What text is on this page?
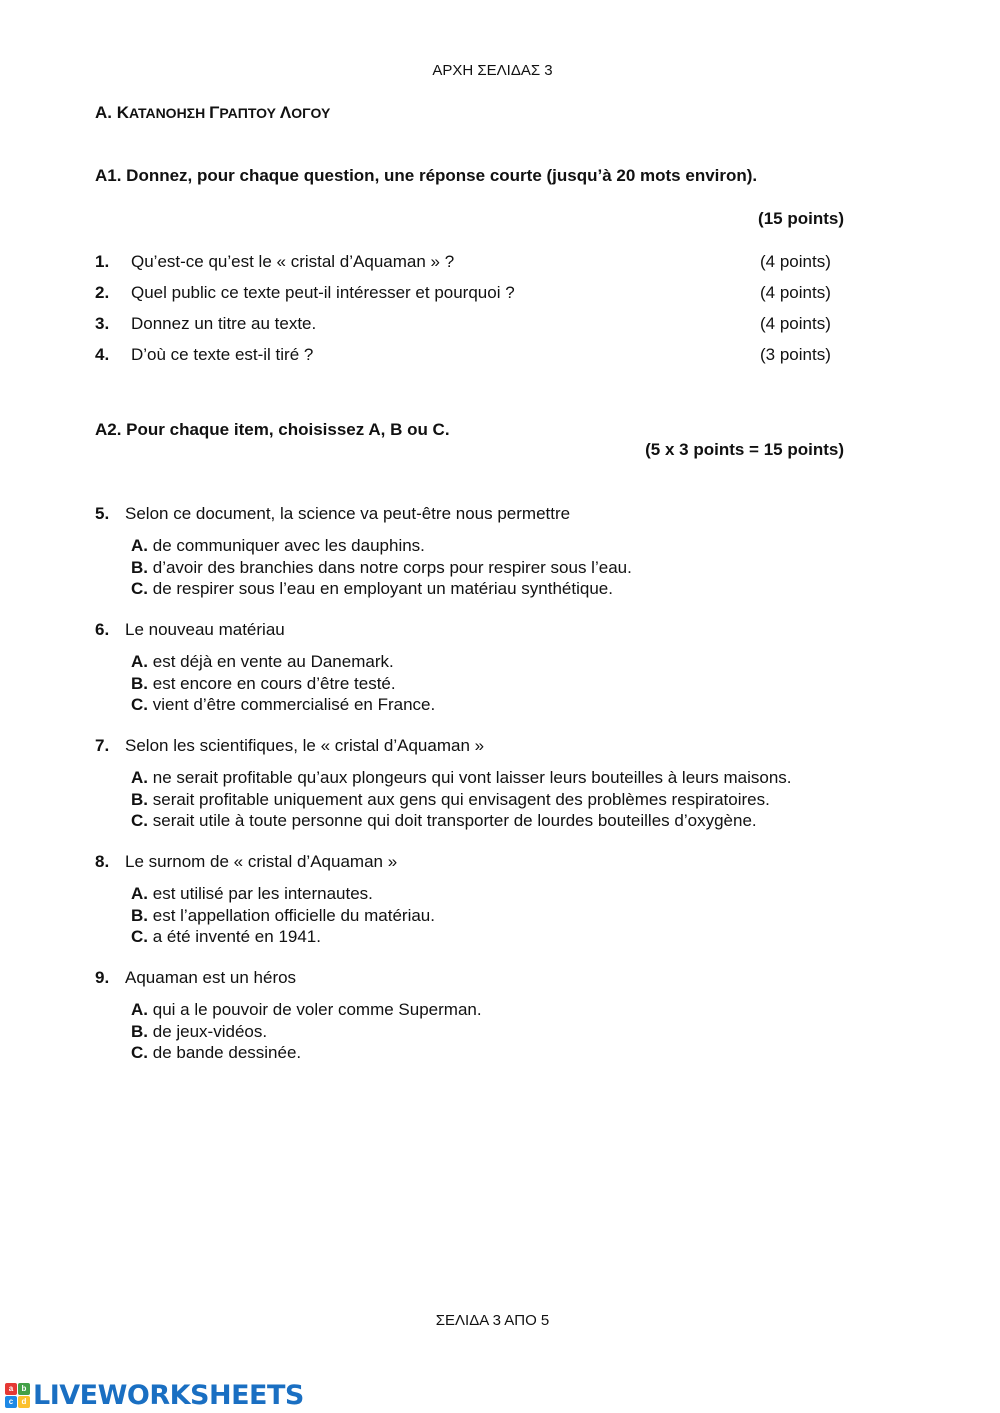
ΑΡΧΗ ΣΕΛΙΔΑΣ 3
Α. ΚΑΤΑΝΟΗΣΗ ΓΡΑΠΤΟΥ ΛΟΓΟΥ
A1. Donnez, pour chaque question, une réponse courte (jusqu’à 20 mots environ).
(15 points)
1. Qu’est-ce qu’est le « cristal d’Aquaman » ?	(4 points)
2. Quel public ce texte peut-il intéresser et pourquoi ?	(4 points)
3. Donnez un titre au texte.	(4 points)
4. D’où ce texte est-il tiré ?	(3 points)
A2. Pour chaque item, choisissez A, B ou C.
(5 x 3 points = 15 points)
5. Selon ce document, la science va peut-être nous permettre
A. de communiquer avec les dauphins.
B. d’avoir des branchies dans notre corps pour respirer sous l’eau.
C. de respirer sous l’eau en employant un matériau synthétique.
6. Le nouveau matériau
A. est déjà en vente au Danemark.
B. est encore en cours d’être testé.
C. vient d’être commercialisé en France.
7. Selon les scientifiques, le « cristal d’Aquaman »
A. ne serait profitable qu’aux plongeurs qui vont laisser leurs bouteilles à leurs maisons.
B. serait profitable uniquement aux gens qui envisagent des problèmes respiratoires.
C. serait utile à toute personne qui doit transporter de lourdes bouteilles d’oxygène.
8. Le surnom de « cristal d’Aquaman »
A. est utilisé par les internautes.
B. est l’appellation officielle du matériau.
C. a été inventé en 1941.
9. Aquaman est un héros
A. qui a le pouvoir de voler comme Superman.
B. de jeux-vidéos.
C. de bande dessinée.
ΣΕΛΙΔΑ 3 ΑΠΟ 5
a	b
c	d LIVEWORKSHEETS
